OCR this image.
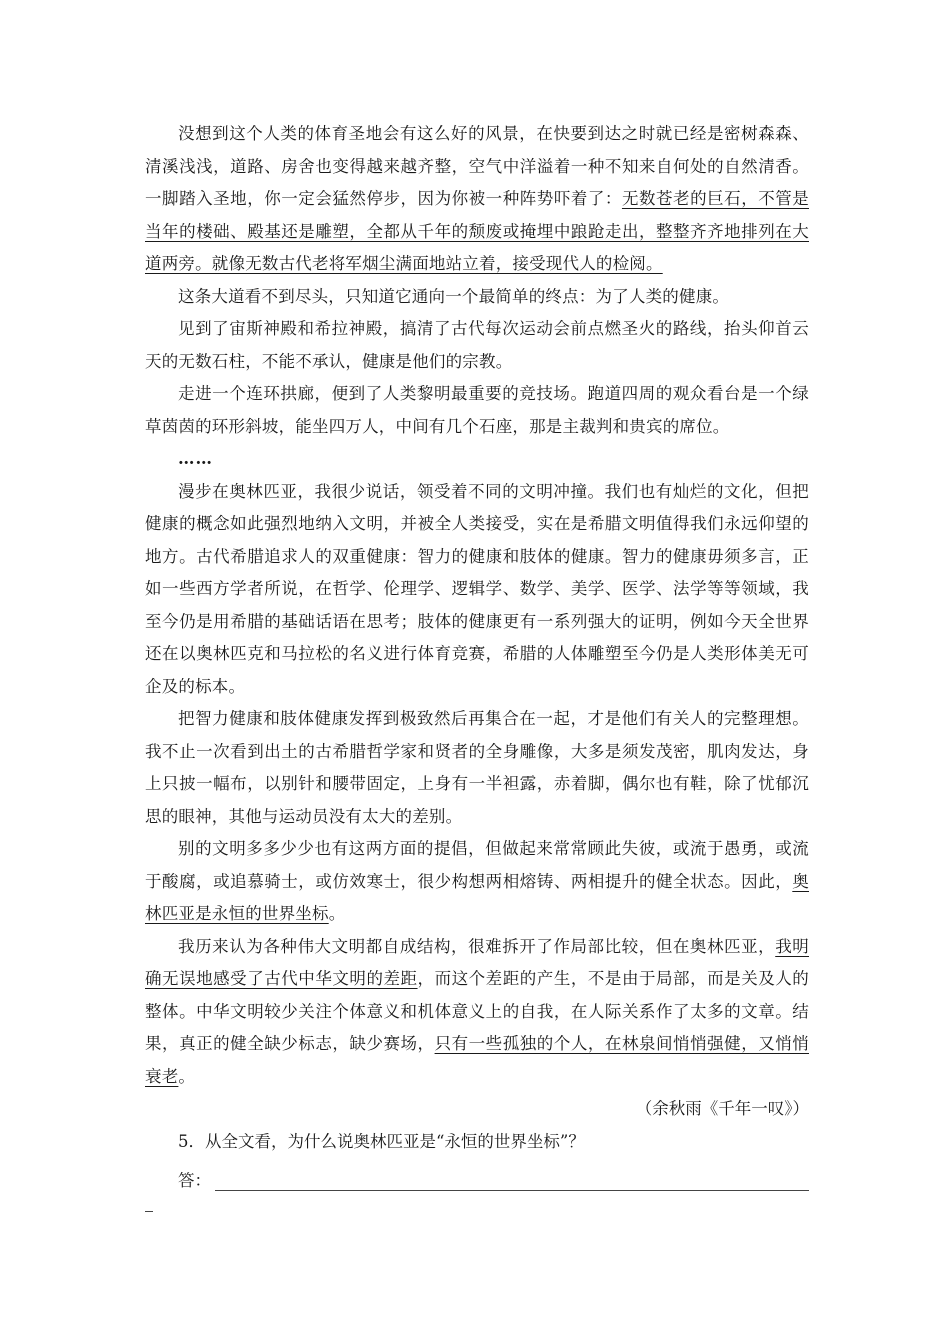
没想到这个人类的体育圣地会有这么好的风景，在快要到达之时就已经是密树森森、清溪浅浅，道路、房舍也变得越来越齐整，空气中洋溢着一种不知来自何处的自然清香。一脚踏入圣地，你一定会猛然停步，因为你被一种阵势吓着了：无数苍老的巨石，不管是当年的楼础、殿基还是雕塑，全都从千年的颓废或掩埋中踉跄走出，整整齐齐地排列在大道两旁。就像无数古代老将军烟尘满面地站立着，接受现代人的检阅。

这条大道看不到尽头，只知道它通向一个最简单的终点：为了人类的健康。

见到了宙斯神殿和希拉神殿，搞清了古代每次运动会前点燃圣火的路线，抬头仰首云天的无数石柱，不能不承认，健康是他们的宗教。

走进一个连环拱廊，便到了人类黎明最重要的竞技场。跑道四周的观众看台是一个绿草茵茵的环形斜坡，能坐四万人，中间有几个石座，那是主裁判和贵宾的席位。

……

漫步在奥林匹亚，我很少说话，领受着不同的文明冲撞。我们也有灿烂的文化，但把健康的概念如此强烈地纳入文明，并被全人类接受，实在是希腊文明值得我们永远仰望的地方。古代希腊追求人的双重健康：智力的健康和肢体的健康。智力的健康毋须多言，正如一些西方学者所说，在哲学、伦理学、逻辑学、数学、美学、医学、法学等等领域，我至今仍是用希腊的基础话语在思考；肢体的健康更有一系列强大的证明，例如今天全世界还在以奥林匹克和马拉松的名义进行体育竞赛，希腊的人体雕塑至今仍是人类形体美无可企及的标本。

把智力健康和肢体健康发挥到极致然后再集合在一起，才是他们有关人的完整理想。我不止一次看到出土的古希腊哲学家和贤者的全身雕像，大多是须发茂密，肌肉发达，身上只披一幅布，以别针和腰带固定，上身有一半袒露，赤着脚，偶尔也有鞋，除了忧郁沉思的眼神，其他与运动员没有太大的差别。

别的文明多多少少也有这两方面的提倡，但做起来常常顾此失彼，或流于愚勇，或流于酸腐，或追慕骑士，或仿效寒士，很少构想两相熔铸、两相提升的健全状态。因此，奥林匹亚是永恒的世界坐标。

我历来认为各种伟大文明都自成结构，很难拆开了作局部比较，但在奥林匹亚，我明确无误地感受了古代中华文明的差距，而这个差距的产生，不是由于局部，而是关及人的整体。中华文明较少关注个体意义和机体意义上的自我，在人际关系作了太多的文章。结果，真正的健全缺少标志，缺少赛场，只有一些孤独的个人，在林泉间悄悄强健，又悄悄衰老。

（余秋雨《千年一叹》）

5．从全文看，为什么说奥林匹亚是“永恒的世界坐标”？

答：
